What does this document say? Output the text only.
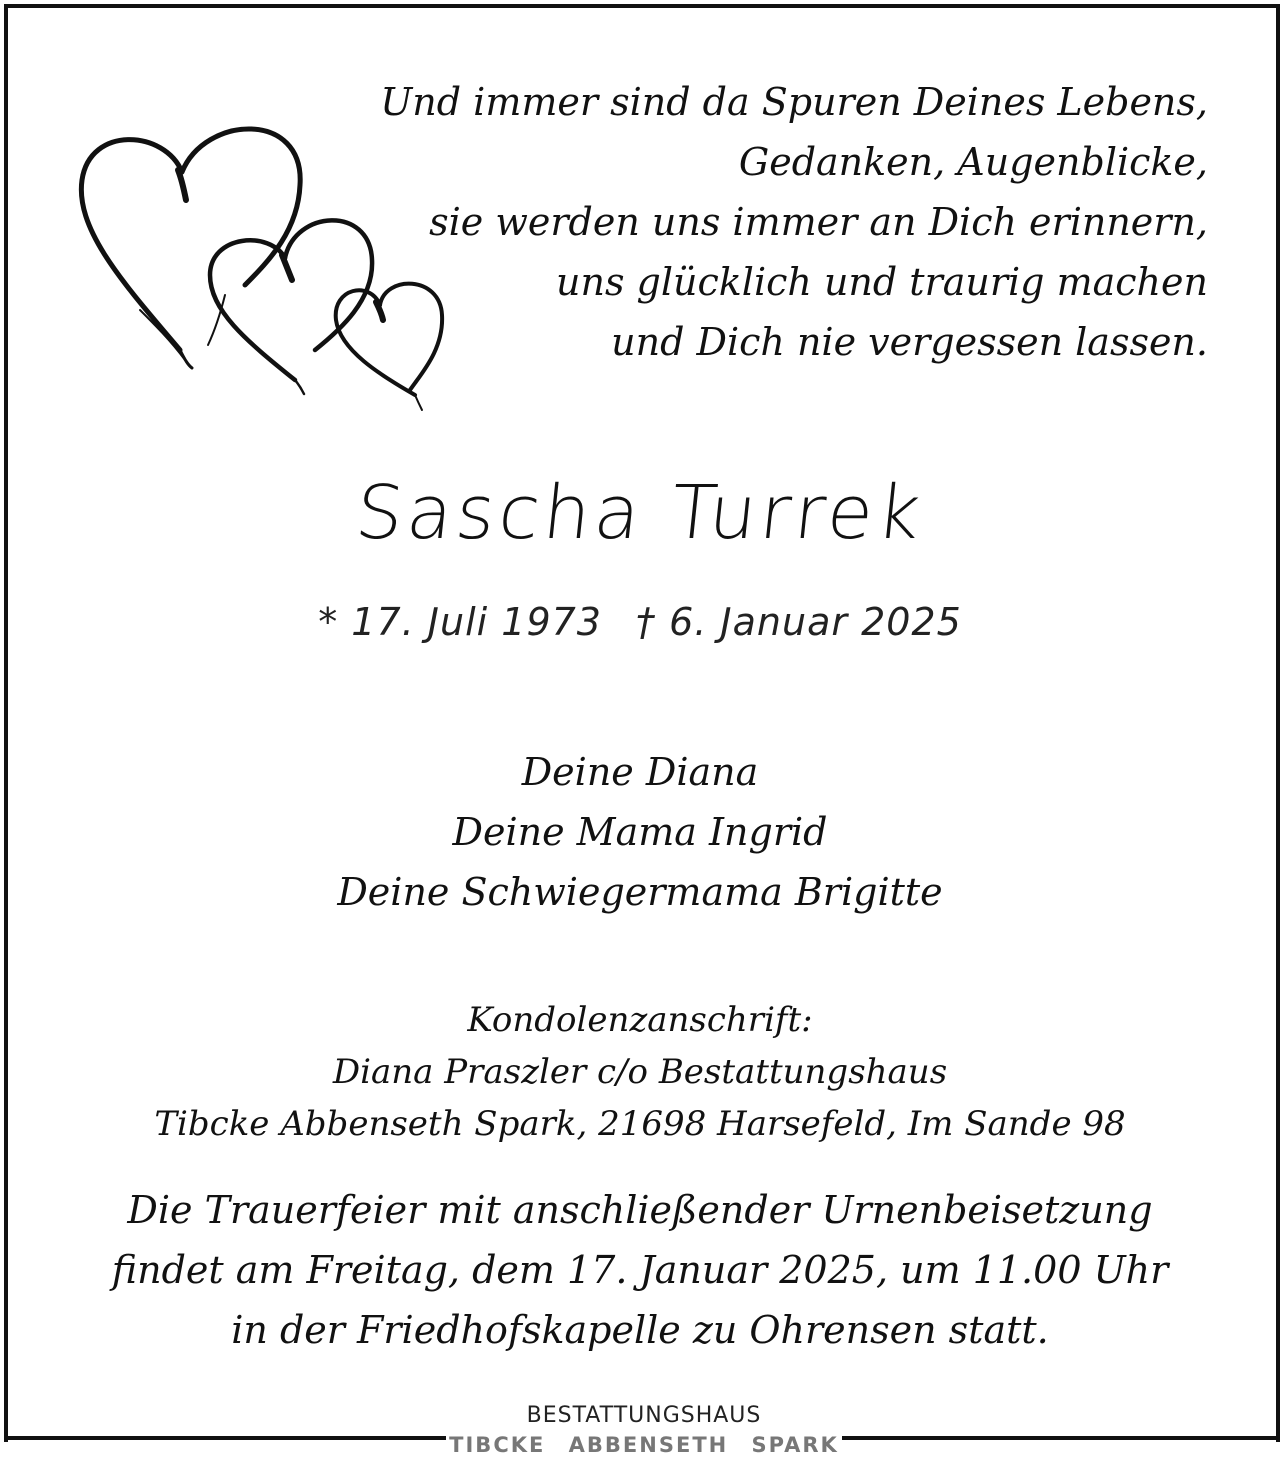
Und immer sind da Spuren Deines Lebens,
Gedanken, Augenblicke,
sie werden uns immer an Dich erinnern,
uns glücklich und traurig machen
und Dich nie vergessen lassen.
Sascha Turrek
* 17. Juli 1973 † 6. Januar 2025
Deine Diana
Deine Mama Ingrid
Deine Schwiegermama Brigitte
Kondolenzanschrift:
Diana Praszler c/o Bestattungshaus
Tibcke Abbenseth Spark, 21698 Harsefeld, Im Sande 98
Die Trauerfeier mit anschließender Urnenbeisetzung
findet am Freitag, dem 17. Januar 2025, um 11.00 Uhr
in der Friedhofskapelle zu Ohrensen statt.
BESTATTUNGSHAUS
TIBCKE ABBENSETH SPARK
